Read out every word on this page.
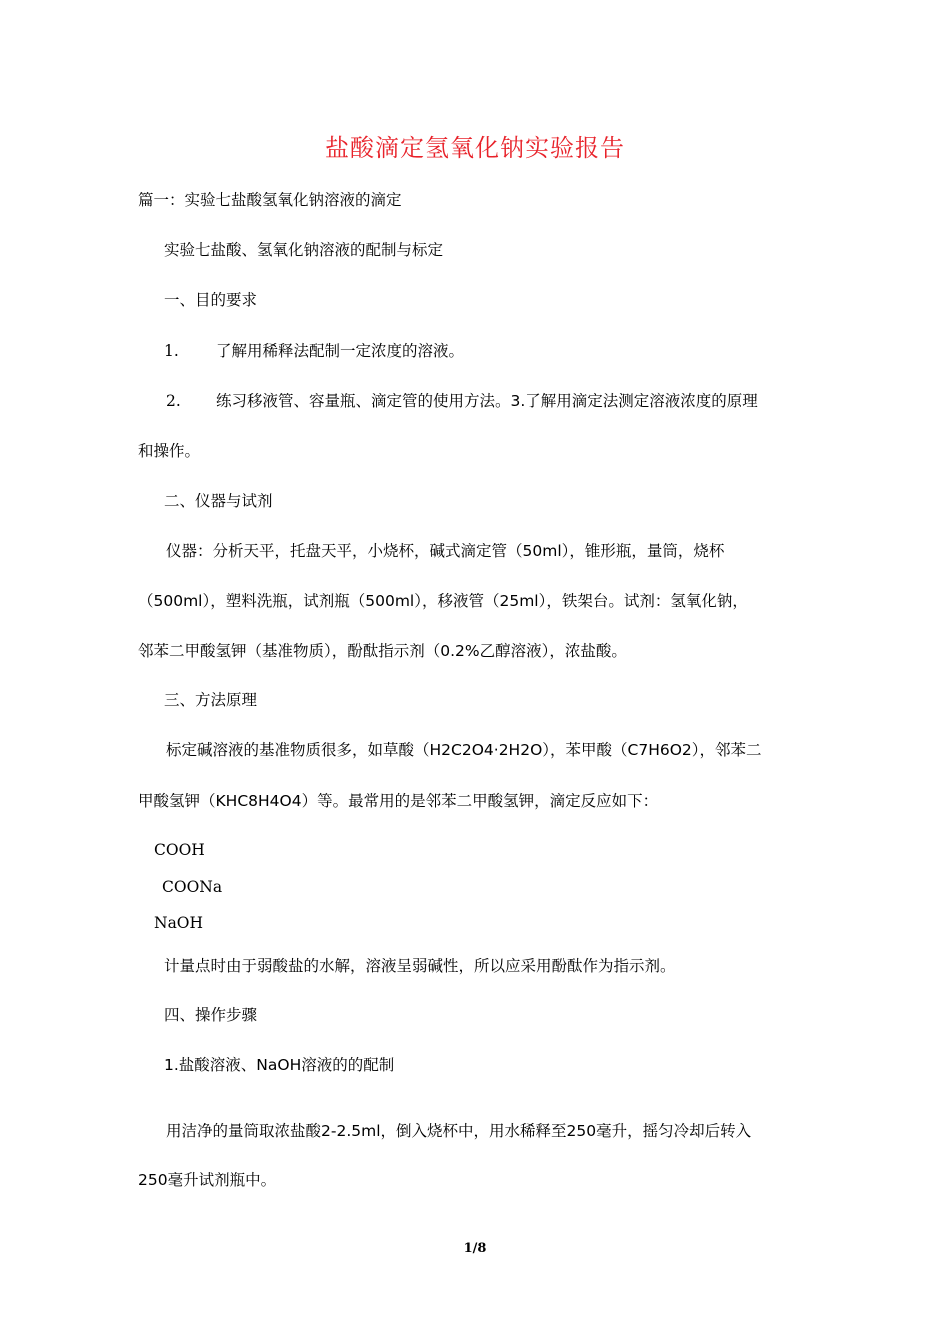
盐酸滴定氢氧化钠实验报告
篇一：实验七盐酸氢氧化钠溶液的滴定
实验七盐酸、氢氧化钠溶液的配制与标定
一、目的要求
1. 了解用稀释法配制一定浓度的溶液。
2. 练习移液管、容量瓶、滴定管的使用方法。3.了解用滴定法测定溶液浓度的原理
和操作。
二、仪器与试剂
仪器：分析天平，托盘天平，小烧杯，碱式滴定管（50ml），锥形瓶，量筒，烧杯
（500ml），塑料洗瓶，试剂瓶（500ml），移液管（25ml），铁架台。试剂：氢氧化钠，
邻苯二甲酸氢钾（基准物质），酚酞指示剂（0.2%乙醇溶液），浓盐酸。
三、方法原理
标定碱溶液的基准物质很多，如草酸（H2C2O4·2H2O），苯甲酸（C7H6O2），邻苯二
甲酸氢钾（KHC8H4O4）等。最常用的是邻苯二甲酸氢钾，滴定反应如下：
COOH
COONa
NaOH
计量点时由于弱酸盐的水解，溶液呈弱碱性，所以应采用酚酞作为指示剂。
四、操作步骤
1.盐酸溶液、NaOH溶液的的配制
用洁净的量筒取浓盐酸2-2.5ml，倒入烧杯中，用水稀释至250毫升，摇匀冷却后转入
250毫升试剂瓶中。
1/8
